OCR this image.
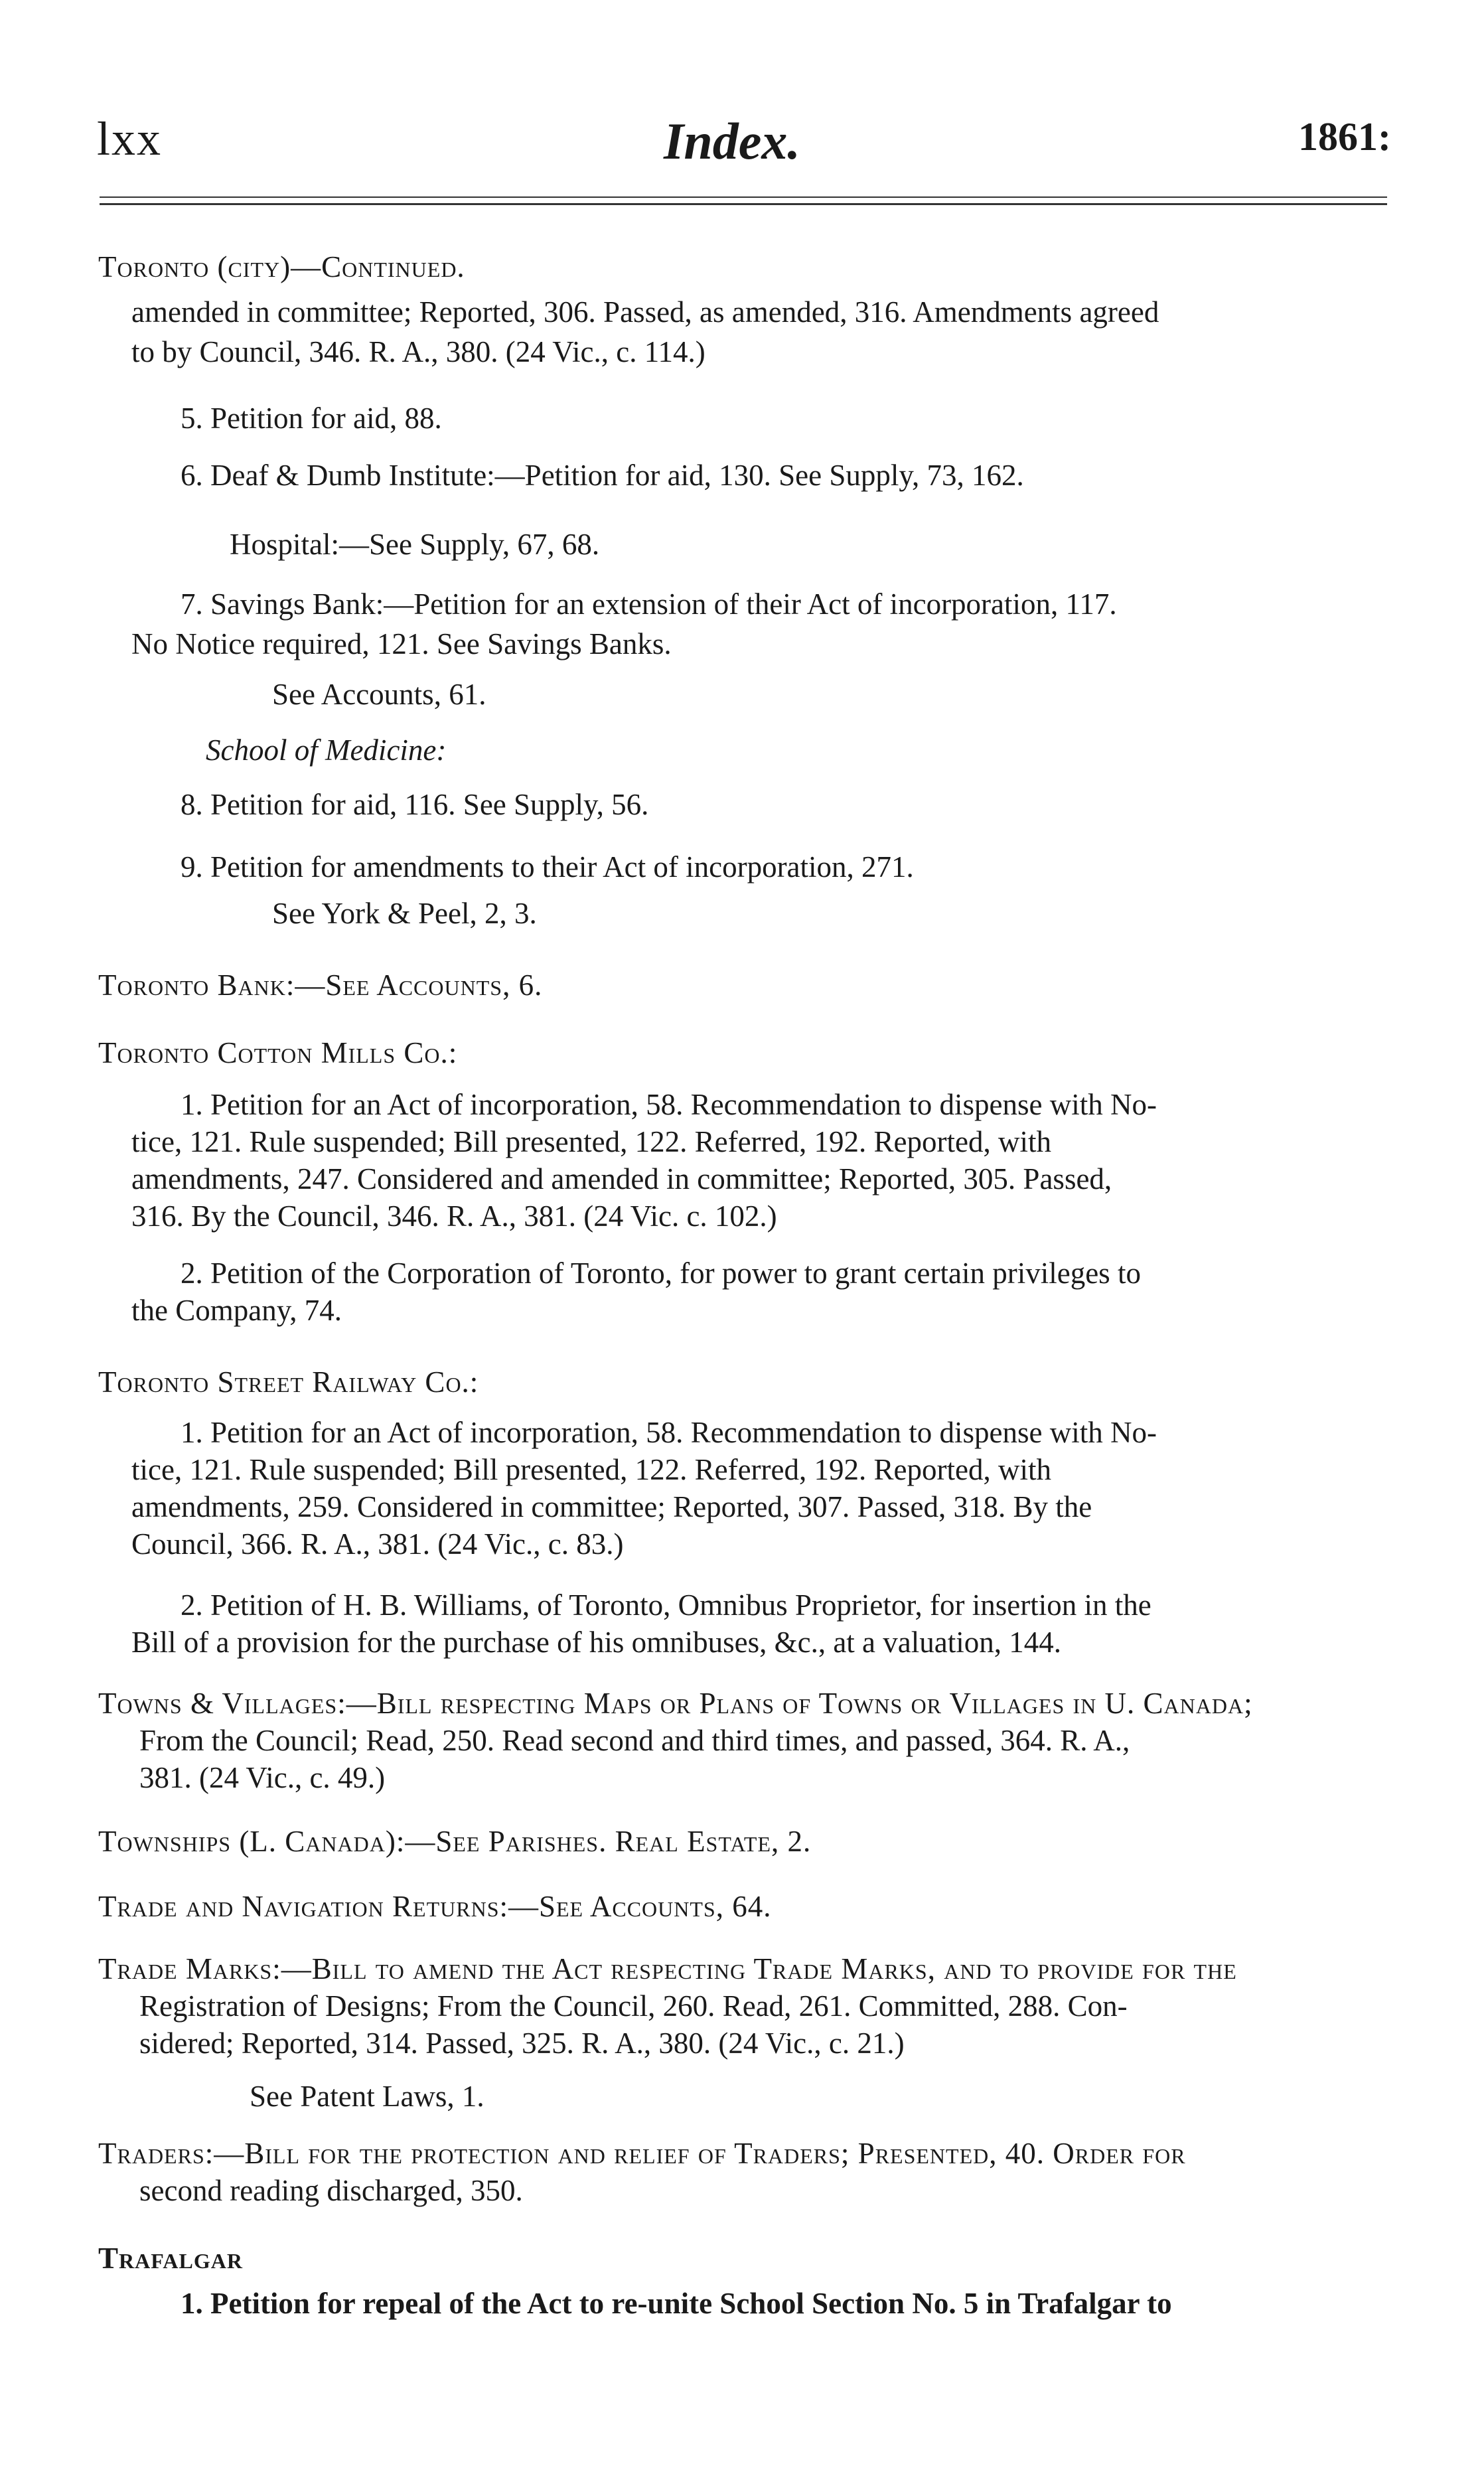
lxx	Index.	1861:
Toronto (city)—Continued.
amended in committee; Reported, 306. Passed, as amended, 316. Amendments agreed
to by Council, 346. R. A., 380. (24 Vic., c. 114.)
5. Petition for aid, 88.
6. Deaf & Dumb Institute:—Petition for aid, 130. See Supply, 73, 162.
Hospital:—See Supply, 67, 68.
7. Savings Bank:—Petition for an extension of their Act of incorporation, 117.
No Notice required, 121. See Savings Banks.
See Accounts, 61.
School of Medicine:
8. Petition for aid, 116. See Supply, 56.
9. Petition for amendments to their Act of incorporation, 271.
See York & Peel, 2, 3.
Toronto Bank:—See Accounts, 6.
Toronto Cotton Mills Co.:
1. Petition for an Act of incorporation, 58. Recommendation to dispense with No-
tice, 121. Rule suspended; Bill presented, 122. Referred, 192. Reported, with
amendments, 247. Considered and amended in committee; Reported, 305. Passed,
316. By the Council, 346. R. A., 381. (24 Vic. c. 102.)
2. Petition of the Corporation of Toronto, for power to grant certain privileges to
the Company, 74.
Toronto Street Railway Co.:
1. Petition for an Act of incorporation, 58. Recommendation to dispense with No-
tice, 121. Rule suspended; Bill presented, 122. Referred, 192. Reported, with
amendments, 259. Considered in committee; Reported, 307. Passed, 318. By the
Council, 366. R. A., 381. (24 Vic., c. 83.)
2. Petition of H. B. Williams, of Toronto, Omnibus Proprietor, for insertion in the
Bill of a provision for the purchase of his omnibuses, &c., at a valuation, 144.
Towns & Villages:—Bill respecting Maps or Plans of Towns or Villages in U. Canada;
From the Council; Read, 250. Read second and third times, and passed, 364. R. A.,
381. (24 Vic., c. 49.)
Townships (L. Canada):—See Parishes. Real Estate, 2.
Trade and Navigation Returns:—See Accounts, 64.
Trade Marks:—Bill to amend the Act respecting Trade Marks, and to provide for the
Registration of Designs; From the Council, 260. Read, 261. Committed, 288. Con-
sidered; Reported, 314. Passed, 325. R. A., 380. (24 Vic., c. 21.)
See Patent Laws, 1.
Traders:—Bill for the protection and relief of Traders; Presented, 40. Order for
second reading discharged, 350.
Trafalgar
1. Petition for repeal of the Act to re-unite School Section No. 5 in Trafalgar to
